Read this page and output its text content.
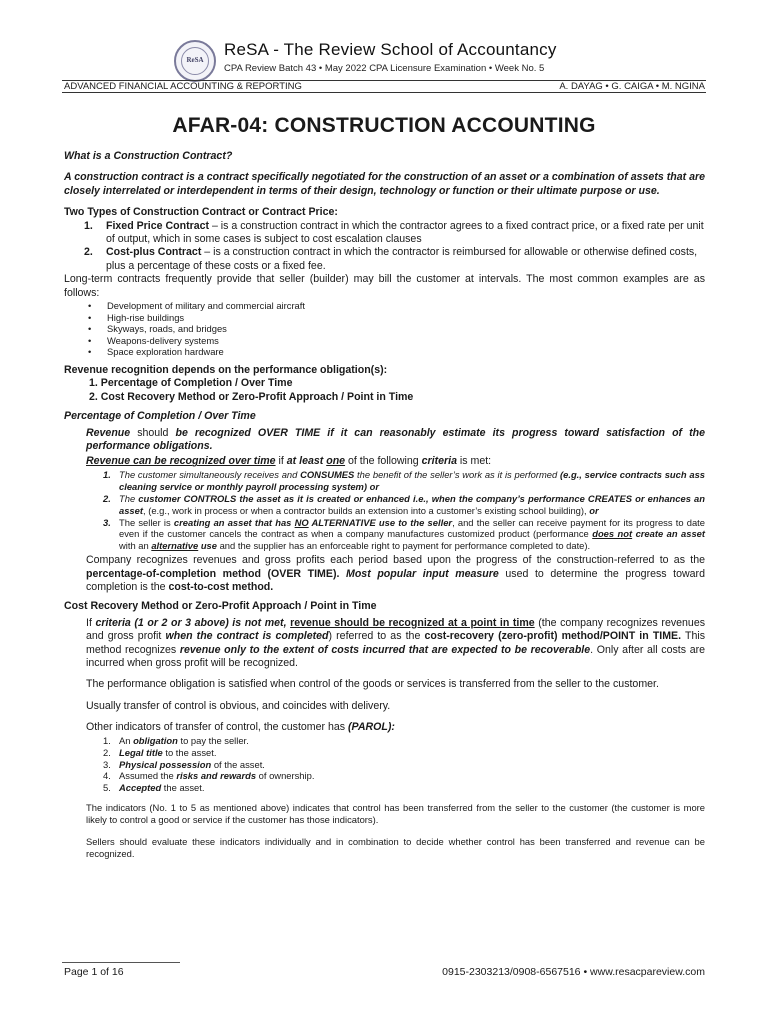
ReSA
ReSA - The Review School of Accountancy
CPA Review Batch 43 • May 2022 CPA Licensure Examination • Week No. 5
ADVANCED FINANCIAL ACCOUNTING & REPORTING	A. DAYAG • G. CAIGA • M. NGINA
AFAR-04: CONSTRUCTION ACCOUNTING

What is a Construction Contract?

A construction contract is a contract specifically negotiated for the construction of an asset or a combination of assets that are closely interrelated or interdependent in terms of their design, technology or function or their ultimate purpose or use.

Two Types of Construction Contract or Contract Price:

1. Fixed Price Contract – is a construction contract in which the contractor agrees to a fixed contract price, or a fixed rate per unit of output, which in some cases is subject to cost escalation clauses
2. Cost-plus Contract – is a construction contract in which the contractor is reimbursed for allowable or otherwise defined costs, plus a percentage of these costs or a fixed fee.

Long-term contracts frequently provide that seller (builder) may bill the customer at intervals. The most common examples are as follows:

• Development of military and commercial aircraft
• High-rise buildings
• Skyways, roads, and bridges
• Weapons-delivery systems
• Space exploration hardware

Revenue recognition depends on the performance obligation(s):

1. Percentage of Completion / Over Time

2. Cost Recovery Method or Zero-Profit Approach / Point in Time

Percentage of Completion / Over Time

Revenue should be recognized OVER TIME if it can reasonably estimate its progress toward satisfaction of the performance obligations.

Revenue can be recognized over time if at least one of the following criteria is met:

1. The customer simultaneously receives and CONSUMES the benefit of the seller’s work as it is performed (e.g., service contracts such ass cleaning service or monthly payroll processing system) or
2. The customer CONTROLS the asset as it is created or enhanced i.e., when the company’s performance CREATES or enhances an asset, (e.g., work in process or when a contractor builds an extension into a customer’s existing school building), or
3. The seller is creating an asset that has NO ALTERNATIVE use to the seller, and the seller can receive payment for its progress to date even if the customer cancels the contract as when a company manufactures customized product (performance does not create an asset with an alternative use and the supplier has an enforceable right to payment for performance completed to date).

Company recognizes revenues and gross profits each period based upon the progress of the construction-referred to as the percentage-of-completion method (OVER TIME). Most popular input measure used to determine the progress toward completion is the cost-to-cost method.

Cost Recovery Method or Zero-Profit Approach / Point in Time

If criteria (1 or 2 or 3 above) is not met, revenue should be recognized at a point in time (the company recognizes revenues and gross profit when the contract is completed) referred to as the cost-recovery (zero-profit) method/POINT in TIME. This method recognizes revenue only to the extent of costs incurred that are expected to be recoverable. Only after all costs are incurred when gross profit will be recognized.

The performance obligation is satisfied when control of the goods or services is transferred from the seller to the customer.

Usually transfer of control is obvious, and coincides with delivery.

Other indicators of transfer of control, the customer has (PAROL):

1. An obligation to pay the seller.
2. Legal title to the asset.
3. Physical possession of the asset.
4. Assumed the risks and rewards of ownership.
5. Accepted the asset.

The indicators (No. 1 to 5 as mentioned above) indicates that control has been transferred from the seller to the customer (the customer is more likely to control a good or service if the customer has those indicators).

Sellers should evaluate these indicators individually and in combination to decide whether control has been transferred and revenue can be recognized.

Page 1 of 16	0915-2303213/0908-6567516 • www.resacpareview.com
